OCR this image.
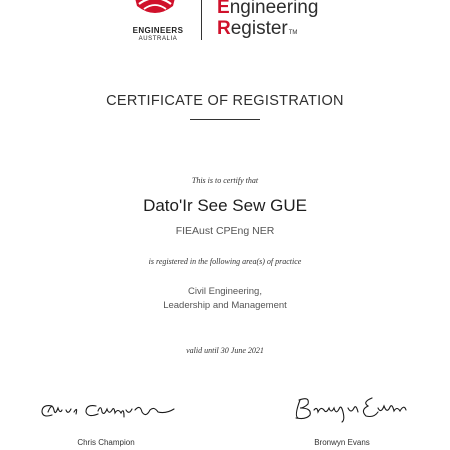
ENGINEERS
AUSTRALIA
Engineering
Register™
CERTIFICATE OF REGISTRATION
This is to certify that
Dato'Ir See Sew GUE
FIEAust CPEng NER
is registered in the following area(s) of practice
Civil Engineering,
Leadership and Management
valid until 30 June 2021
Chris Champion	Bronwyn Evans
